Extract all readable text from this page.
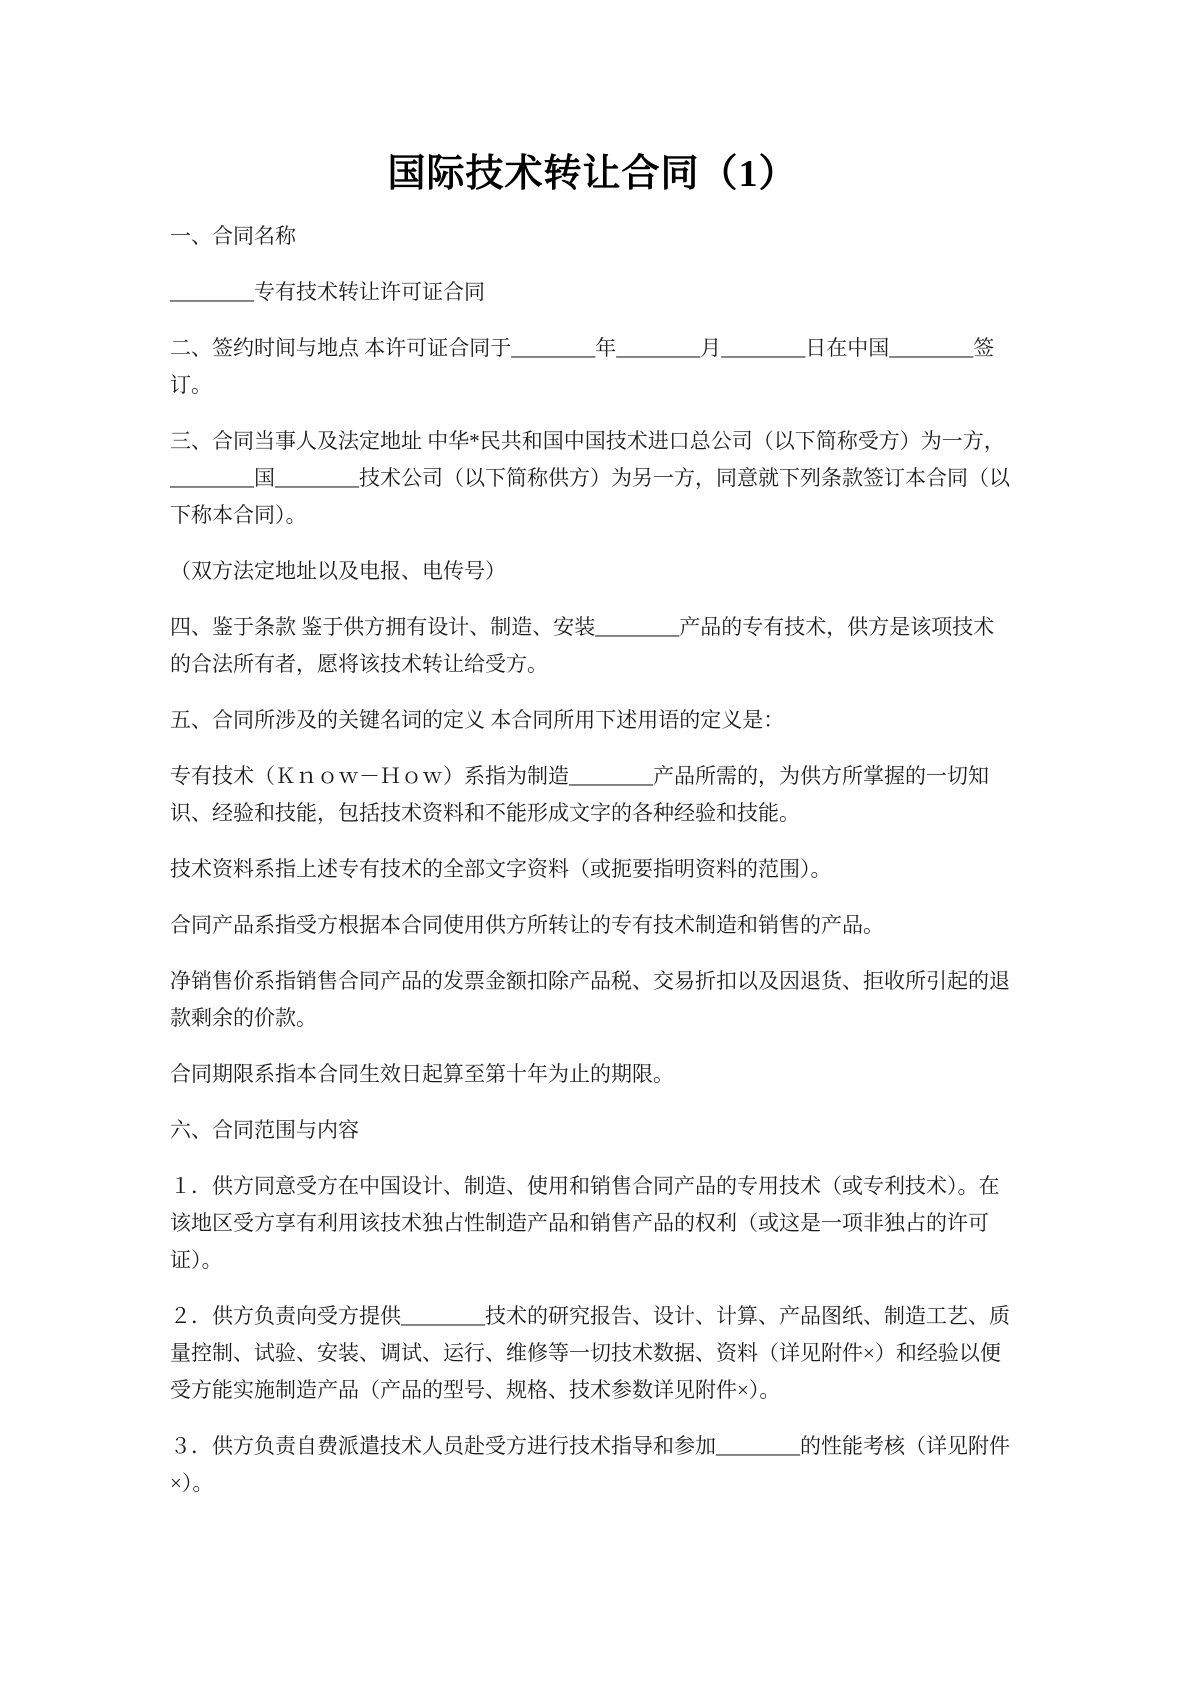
国际技术转让合同（1）

一、合同名称

________专有技术转让许可证合同

二、签约时间与地点 本许可证合同于________年________月________日在中国________签订。

三、合同当事人及法定地址 中华*民共和国中国技术进口总公司（以下简称受方）为一方，________国________技术公司（以下简称供方）为另一方，同意就下列条款签订本合同（以下称本合同）。

（双方法定地址以及电报、电传号）

四、鉴于条款 鉴于供方拥有设计、制造、安装________产品的专有技术，供方是该项技术的合法所有者，愿将该技术转让给受方。

五、合同所涉及的关键名词的定义 本合同所用下述用语的定义是：

专有技术（Ｋｎｏｗ－Ｈｏｗ）系指为制造________产品所需的，为供方所掌握的一切知识、经验和技能，包括技术资料和不能形成文字的各种经验和技能。

技术资料系指上述专有技术的全部文字资料（或扼要指明资料的范围）。

合同产品系指受方根据本合同使用供方所转让的专有技术制造和销售的产品。

净销售价系指销售合同产品的发票金额扣除产品税、交易折扣以及因退货、拒收所引起的退款剩余的价款。

合同期限系指本合同生效日起算至第十年为止的期限。

六、合同范围与内容

１．供方同意受方在中国设计、制造、使用和销售合同产品的专用技术（或专利技术）。在该地区受方享有利用该技术独占性制造产品和销售产品的权利（或这是一项非独占的许可证）。

２．供方负责向受方提供________技术的研究报告、设计、计算、产品图纸、制造工艺、质量控制、试验、安装、调试、运行、维修等一切技术数据、资料（详见附件×）和经验以便受方能实施制造产品（产品的型号、规格、技术参数详见附件×）。

３．供方负责自费派遣技术人员赴受方进行技术指导和参加________的性能考核（详见附件×）。
